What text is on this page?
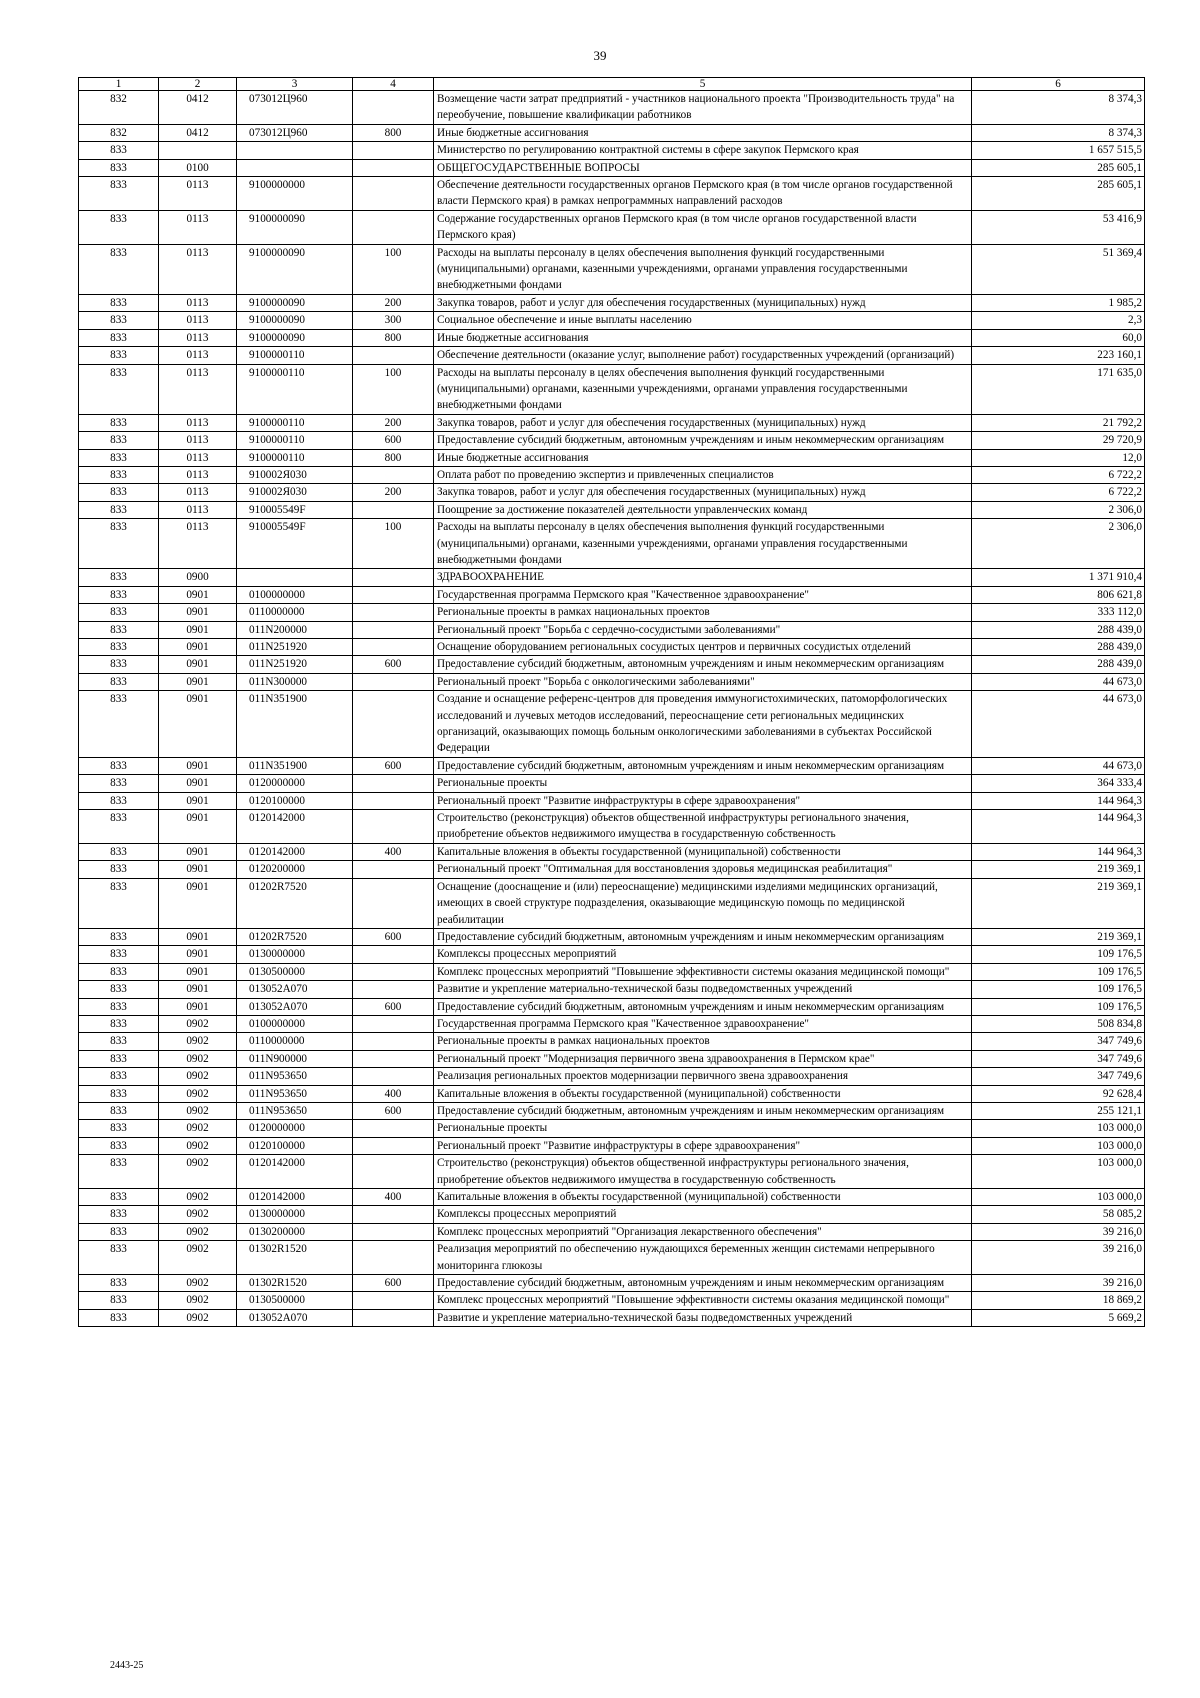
39
1	2	3	4	5	6
832	0412	073012Ц960		Возмещение части затрат предприятий - участников национального проекта "Производительность труда" на переобучение, повышение квалификации работников	8 374,3
832	0412	073012Ц960	800	Иные бюджетные ассигнования	8 374,3
833				Министерство по регулированию контрактной системы в сфере закупок Пермского края	1 657 515,5
833	0100			ОБЩЕГОСУДАРСТВЕННЫЕ ВОПРОСЫ	285 605,1
833	0113	9100000000		Обеспечение деятельности государственных органов Пермского края (в том числе органов государственной власти Пермского края) в рамках непрограммных направлений расходов	285 605,1
833	0113	9100000090		Содержание государственных органов Пермского края (в том числе органов государственной власти Пермского края)	53 416,9
833	0113	9100000090	100	Расходы на выплаты персоналу в целях обеспечения выполнения функций государственными (муниципальными) органами, казенными учреждениями, органами управления государственными внебюджетными фондами	51 369,4
833	0113	9100000090	200	Закупка товаров, работ и услуг для обеспечения государственных (муниципальных) нужд	1 985,2
833	0113	9100000090	300	Социальное обеспечение и иные выплаты населению	2,3
833	0113	9100000090	800	Иные бюджетные ассигнования	60,0
833	0113	9100000110		Обеспечение деятельности (оказание услуг, выполнение работ) государственных учреждений (организаций)	223 160,1
833	0113	9100000110	100	Расходы на выплаты персоналу в целях обеспечения выполнения функций государственными (муниципальными) органами, казенными учреждениями, органами управления государственными внебюджетными фондами	171 635,0
833	0113	9100000110	200	Закупка товаров, работ и услуг для обеспечения государственных (муниципальных) нужд	21 792,2
833	0113	9100000110	600	Предоставление субсидий бюджетным, автономным учреждениям и иным некоммерческим организациям	29 720,9
833	0113	9100000110	800	Иные бюджетные ассигнования	12,0
833	0113	910002Я030		Оплата работ по проведению экспертиз и привлеченных специалистов	6 722,2
833	0113	910002Я030	200	Закупка товаров, работ и услуг для обеспечения государственных (муниципальных) нужд	6 722,2
833	0113	910005549F		Поощрение за достижение показателей деятельности управленческих команд	2 306,0
833	0113	910005549F	100	Расходы на выплаты персоналу в целях обеспечения выполнения функций государственными (муниципальными) органами, казенными учреждениями, органами управления государственными внебюджетными фондами	2 306,0
833	0900			ЗДРАВООХРАНЕНИЕ	1 371 910,4
833	0901	0100000000		Государственная программа Пермского края "Качественное здравоохранение"	806 621,8
833	0901	0110000000		Региональные проекты в рамках национальных проектов	333 112,0
833	0901	011N200000		Региональный проект "Борьба с сердечно-сосудистыми заболеваниями"	288 439,0
833	0901	011N251920		Оснащение оборудованием региональных сосудистых центров и первичных сосудистых отделений	288 439,0
833	0901	011N251920	600	Предоставление субсидий бюджетным, автономным учреждениям и иным некоммерческим организациям	288 439,0
833	0901	011N300000		Региональный проект "Борьба с онкологическими заболеваниями"	44 673,0
833	0901	011N351900		Создание и оснащение референс-центров для проведения иммуногистохимических, патоморфологических исследований и лучевых методов исследований, переоснащение сети региональных медицинских организаций, оказывающих помощь больным онкологическими заболеваниями в субъектах Российской Федерации	44 673,0
833	0901	011N351900	600	Предоставление субсидий бюджетным, автономным учреждениям и иным некоммерческим организациям	44 673,0
833	0901	0120000000		Региональные проекты	364 333,4
833	0901	0120100000		Региональный проект "Развитие инфраструктуры в сфере здравоохранения"	144 964,3
833	0901	0120142000		Строительство (реконструкция) объектов общественной инфраструктуры регионального значения, приобретение объектов недвижимого имущества в государственную собственность	144 964,3
833	0901	0120142000	400	Капитальные вложения в объекты государственной (муниципальной) собственности	144 964,3
833	0901	0120200000		Региональный проект "Оптимальная для восстановления здоровья медицинская реабилитация"	219 369,1
833	0901	01202R7520		Оснащение (дооснащение и (или) переоснащение) медицинскими изделиями медицинских организаций, имеющих в своей структуре подразделения, оказывающие медицинскую помощь по медицинской реабилитации	219 369,1
833	0901	01202R7520	600	Предоставление субсидий бюджетным, автономным учреждениям и иным некоммерческим организациям	219 369,1
833	0901	0130000000		Комплексы процессных мероприятий	109 176,5
833	0901	0130500000		Комплекс процессных мероприятий "Повышение эффективности системы оказания медицинской помощи"	109 176,5
833	0901	013052A070		Развитие и укрепление материально-технической базы подведомственных учреждений	109 176,5
833	0901	013052A070	600	Предоставление субсидий бюджетным, автономным учреждениям и иным некоммерческим организациям	109 176,5
833	0902	0100000000		Государственная программа Пермского края "Качественное здравоохранение"	508 834,8
833	0902	0110000000		Региональные проекты в рамках национальных проектов	347 749,6
833	0902	011N900000		Региональный проект "Модернизация первичного звена здравоохранения в Пермском крае"	347 749,6
833	0902	011N953650		Реализация региональных проектов модернизации первичного звена здравоохранения	347 749,6
833	0902	011N953650	400	Капитальные вложения в объекты государственной (муниципальной) собственности	92 628,4
833	0902	011N953650	600	Предоставление субсидий бюджетным, автономным учреждениям и иным некоммерческим организациям	255 121,1
833	0902	0120000000		Региональные проекты	103 000,0
833	0902	0120100000		Региональный проект "Развитие инфраструктуры в сфере здравоохранения"	103 000,0
833	0902	0120142000		Строительство (реконструкция) объектов общественной инфраструктуры регионального значения, приобретение объектов недвижимого имущества в государственную собственность	103 000,0
833	0902	0120142000	400	Капитальные вложения в объекты государственной (муниципальной) собственности	103 000,0
833	0902	0130000000		Комплексы процессных мероприятий	58 085,2
833	0902	0130200000		Комплекс процессных мероприятий "Организация лекарственного обеспечения"	39 216,0
833	0902	01302R1520		Реализация мероприятий по обеспечению нуждающихся беременных женщин системами непрерывного мониторинга глюкозы	39 216,0
833	0902	01302R1520	600	Предоставление субсидий бюджетным, автономным учреждениям и иным некоммерческим организациям	39 216,0
833	0902	0130500000		Комплекс процессных мероприятий "Повышение эффективности системы оказания медицинской помощи"	18 869,2
833	0902	013052A070		Развитие и укрепление материально-технической базы подведомственных учреждений	5 669,2
2443-25
